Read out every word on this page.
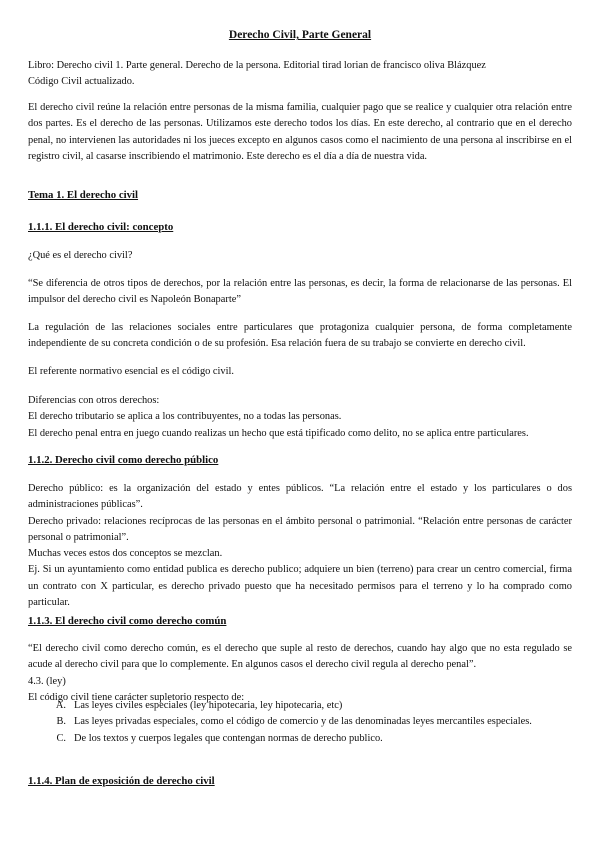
Derecho Civil, Parte General
Libro: Derecho civil 1. Parte general. Derecho de la persona. Editorial tirad lorian de francisco oliva Blázquez
Código Civil actualizado.

El derecho civil reúne la relación entre personas de la misma familia, cualquier pago que se realice y cualquier otra relación entre dos partes. Es el derecho de las personas. Utilizamos este derecho todos los días. En este derecho, al contrario que en el derecho penal, no intervienen las autoridades ni los jueces excepto en algunos casos como el nacimiento de una persona al inscribirse en el registro civil, al casarse inscribiendo el matrimonio. Este derecho es el día a día de nuestra vida.

Tema 1. El derecho civil

1.1.1. El derecho civil: concepto

¿Qué es el derecho civil?

“Se diferencia de otros tipos de derechos, por la relación entre las personas, es decir, la forma de relacionarse de las personas. El impulsor del derecho civil es Napoleón Bonaparte”

La regulación de las relaciones sociales entre particulares que protagoniza cualquier persona, de forma completamente independiente de su concreta condición o de su profesión. Esa relación fuera de su trabajo se convierte en derecho civil.

El referente normativo esencial es el código civil.

Diferencias con otros derechos:
El derecho tributario se aplica a los contribuyentes, no a todas las personas.
El derecho penal entra en juego cuando realizas un hecho que está tipificado como delito, no se aplica entre particulares.

1.1.2. Derecho civil como derecho público

Derecho público: es la organización del estado y entes públicos. “La relación entre el estado y los particulares o dos administraciones públicas”.
Derecho privado: relaciones recíprocas de las personas en el ámbito personal o patrimonial. “Relación entre personas de carácter personal o patrimonial”.
Muchas veces estos dos conceptos se mezclan.
Ej. Si un ayuntamiento como entidad publica es derecho publico; adquiere un bien (terreno) para crear un centro comercial, firma un contrato con X particular, es derecho privado puesto que ha necesitado permisos para el terreno y lo ha comprado como particular.

1.1.3. El derecho civil como derecho común

“El derecho civil como derecho común, es el derecho que suple al resto de derechos, cuando hay algo que no esta regulado se acude al derecho civil para que lo complemente. En algunos casos el derecho civil regula al derecho penal”.
4.3. (ley)
El código civil tiene carácter supletorio respecto de:
A. Las leyes civiles especiales (ley hipotecaria, ley hipotecaria, etc)
B. Las leyes privadas especiales, como el código de comercio y de las denominadas leyes mercantiles especiales.
C. De los textos y cuerpos legales que contengan normas de derecho publico.

1.1.4. Plan de exposición de derecho civil
